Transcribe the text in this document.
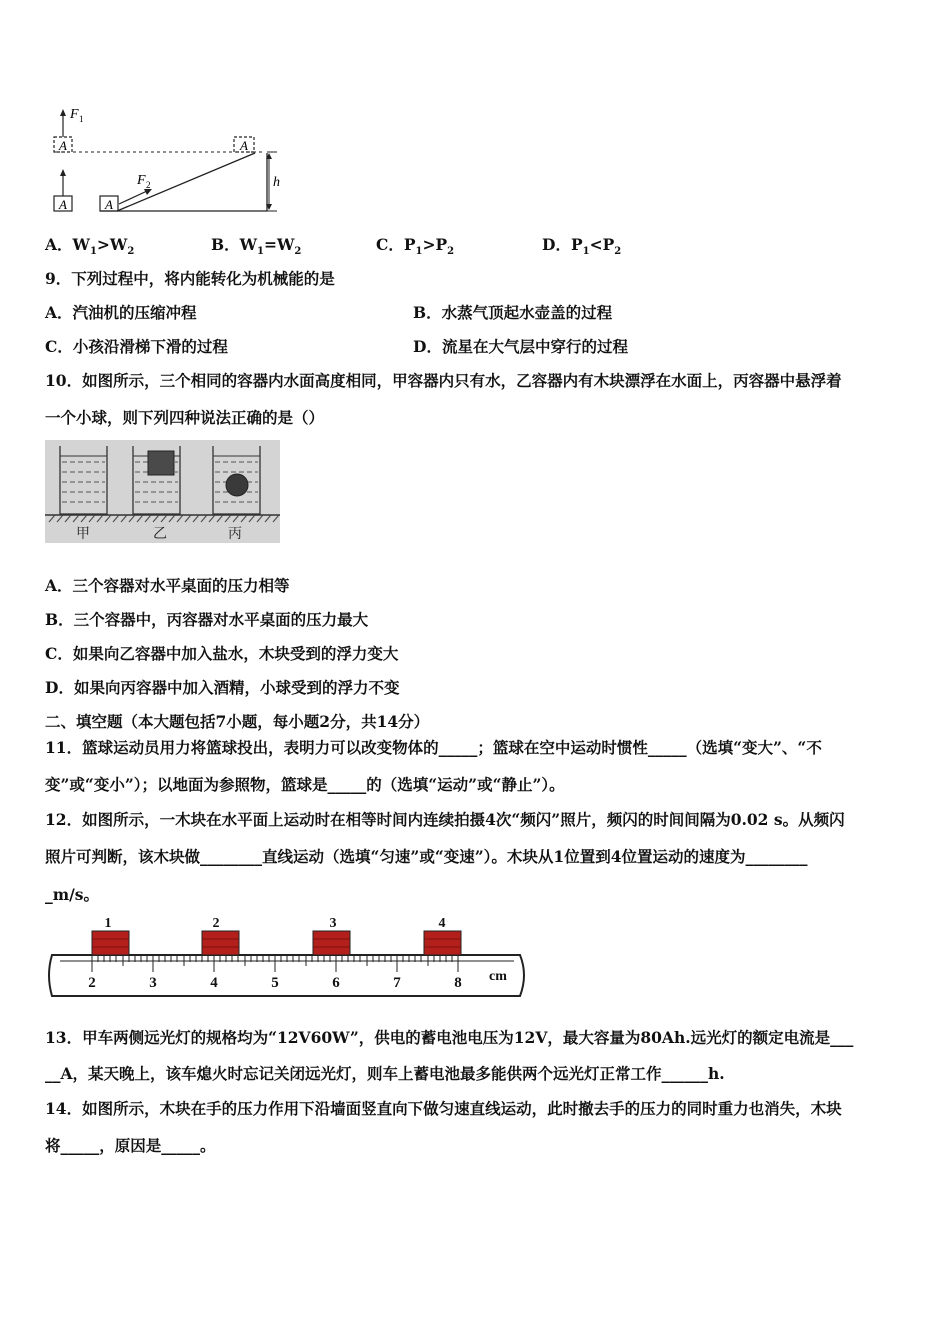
A
F 1
A	A
F 2
A
h
A．$W_1>W_2$	B．$W_1=W_2$	C．$P_1>P_2$	D．$P_1<P_2$
9．下列过程中，将内能转化为机械能的是
A．汽油机的压缩冲程	B．水蒸气顶起水壶盖的过程
C．小孩沿滑梯下滑的过程	D．流星在大气层中穿行的过程
10．如图所示，三个相同的容器内水面高度相同，甲容器内只有水，乙容器内有木块漂浮在水面上，丙容器中悬浮着
一个小球，则下列四种说法正确的是（）
甲	乙	丙
A．三个容器对水平桌面的压力相等
B．三个容器中，丙容器对水平桌面的压力最大
C．如果向乙容器中加入盐水，木块受到的浮力变大
D．如果向丙容器中加入酒精，小球受到的浮力不变
二、填空题（本大题包括7小题，每小题2分，共14分）
11．篮球运动员用力将篮球投出，表明力可以改变物体的_____；篮球在空中运动时惯性_____（选填“变大”、“不
变”或“变小”）；以地面为参照物，篮球是_____的（选填“运动”或“静止”）。
12．如图所示，一木块在水平面上运动时在相等时间内连续拍摄4次“频闪”照片，频闪的时间间隔为0.02 s。从频闪
照片可判断，该木块做________直线运动（选填“匀速”或“变速”）。木块从1位置到4位置运动的速度为________
_m/s。
2	3	4	5	6	7	8 cm
1	2	3	4
13．甲车两侧远光灯的规格均为“12V60W”，供电的蓄电池电压为12V，最大容量为80Ah.远光灯的额定电流是___
__A，某天晚上，该车熄火时忘记关闭远光灯，则车上蓄电池最多能供两个远光灯正常工作______h.
14．如图所示，木块在手的压力作用下沿墙面竖直向下做匀速直线运动，此时撤去手的压力的同时重力也消失，木块
将_____，原因是_____。
